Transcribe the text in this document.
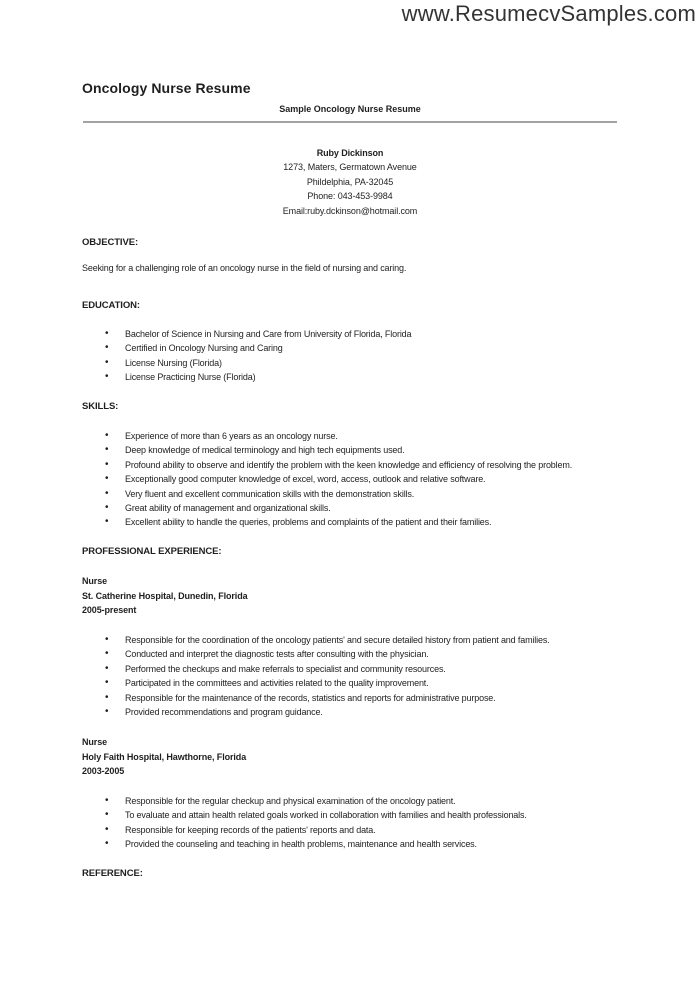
www.ResumecvSamples.com
Oncology Nurse Resume
Sample Oncology Nurse Resume
Ruby Dickinson
1273, Maters, Germatown Avenue
Phildelphia, PA-32045
Phone: 043-453-9984
Email:ruby.dckinson@hotmail.com
OBJECTIVE:
Seeking for a challenging role of an oncology nurse in the field of nursing and caring.
EDUCATION:
• Bachelor of Science in Nursing and Care from University of Florida, Florida
• Certified in Oncology Nursing and Caring
• License Nursing (Florida)
• License Practicing Nurse (Florida)
SKILLS:
• Experience of more than 6 years as an oncology nurse.
• Deep knowledge of medical terminology and high tech equipments used.
• Profound ability to observe and identify the problem with the keen knowledge and efficiency of resolving the problem.
• Exceptionally good computer knowledge of excel, word, access, outlook and relative software.
• Very fluent and excellent communication skills with the demonstration skills.
• Great ability of management and organizational skills.
• Excellent ability to handle the queries, problems and complaints of the patient and their families.
PROFESSIONAL EXPERIENCE:
Nurse
St. Catherine Hospital, Dunedin, Florida
2005-present
• Responsible for the coordination of the oncology patients' and secure detailed history from patient and families.
• Conducted and interpret the diagnostic tests after consulting with the physician.
• Performed the checkups and make referrals to specialist and community resources.
• Participated in the committees and activities related to the quality improvement.
• Responsible for the maintenance of the records, statistics and reports for administrative purpose.
• Provided recommendations and program guidance.
Nurse
Holy Faith Hospital, Hawthorne, Florida
2003-2005
• Responsible for the regular checkup and physical examination of the oncology patient.
• To evaluate and attain health related goals worked in collaboration with families and health professionals.
• Responsible for keeping records of the patients' reports and data.
• Provided the counseling and teaching in health problems, maintenance and health services.
REFERENCE:
